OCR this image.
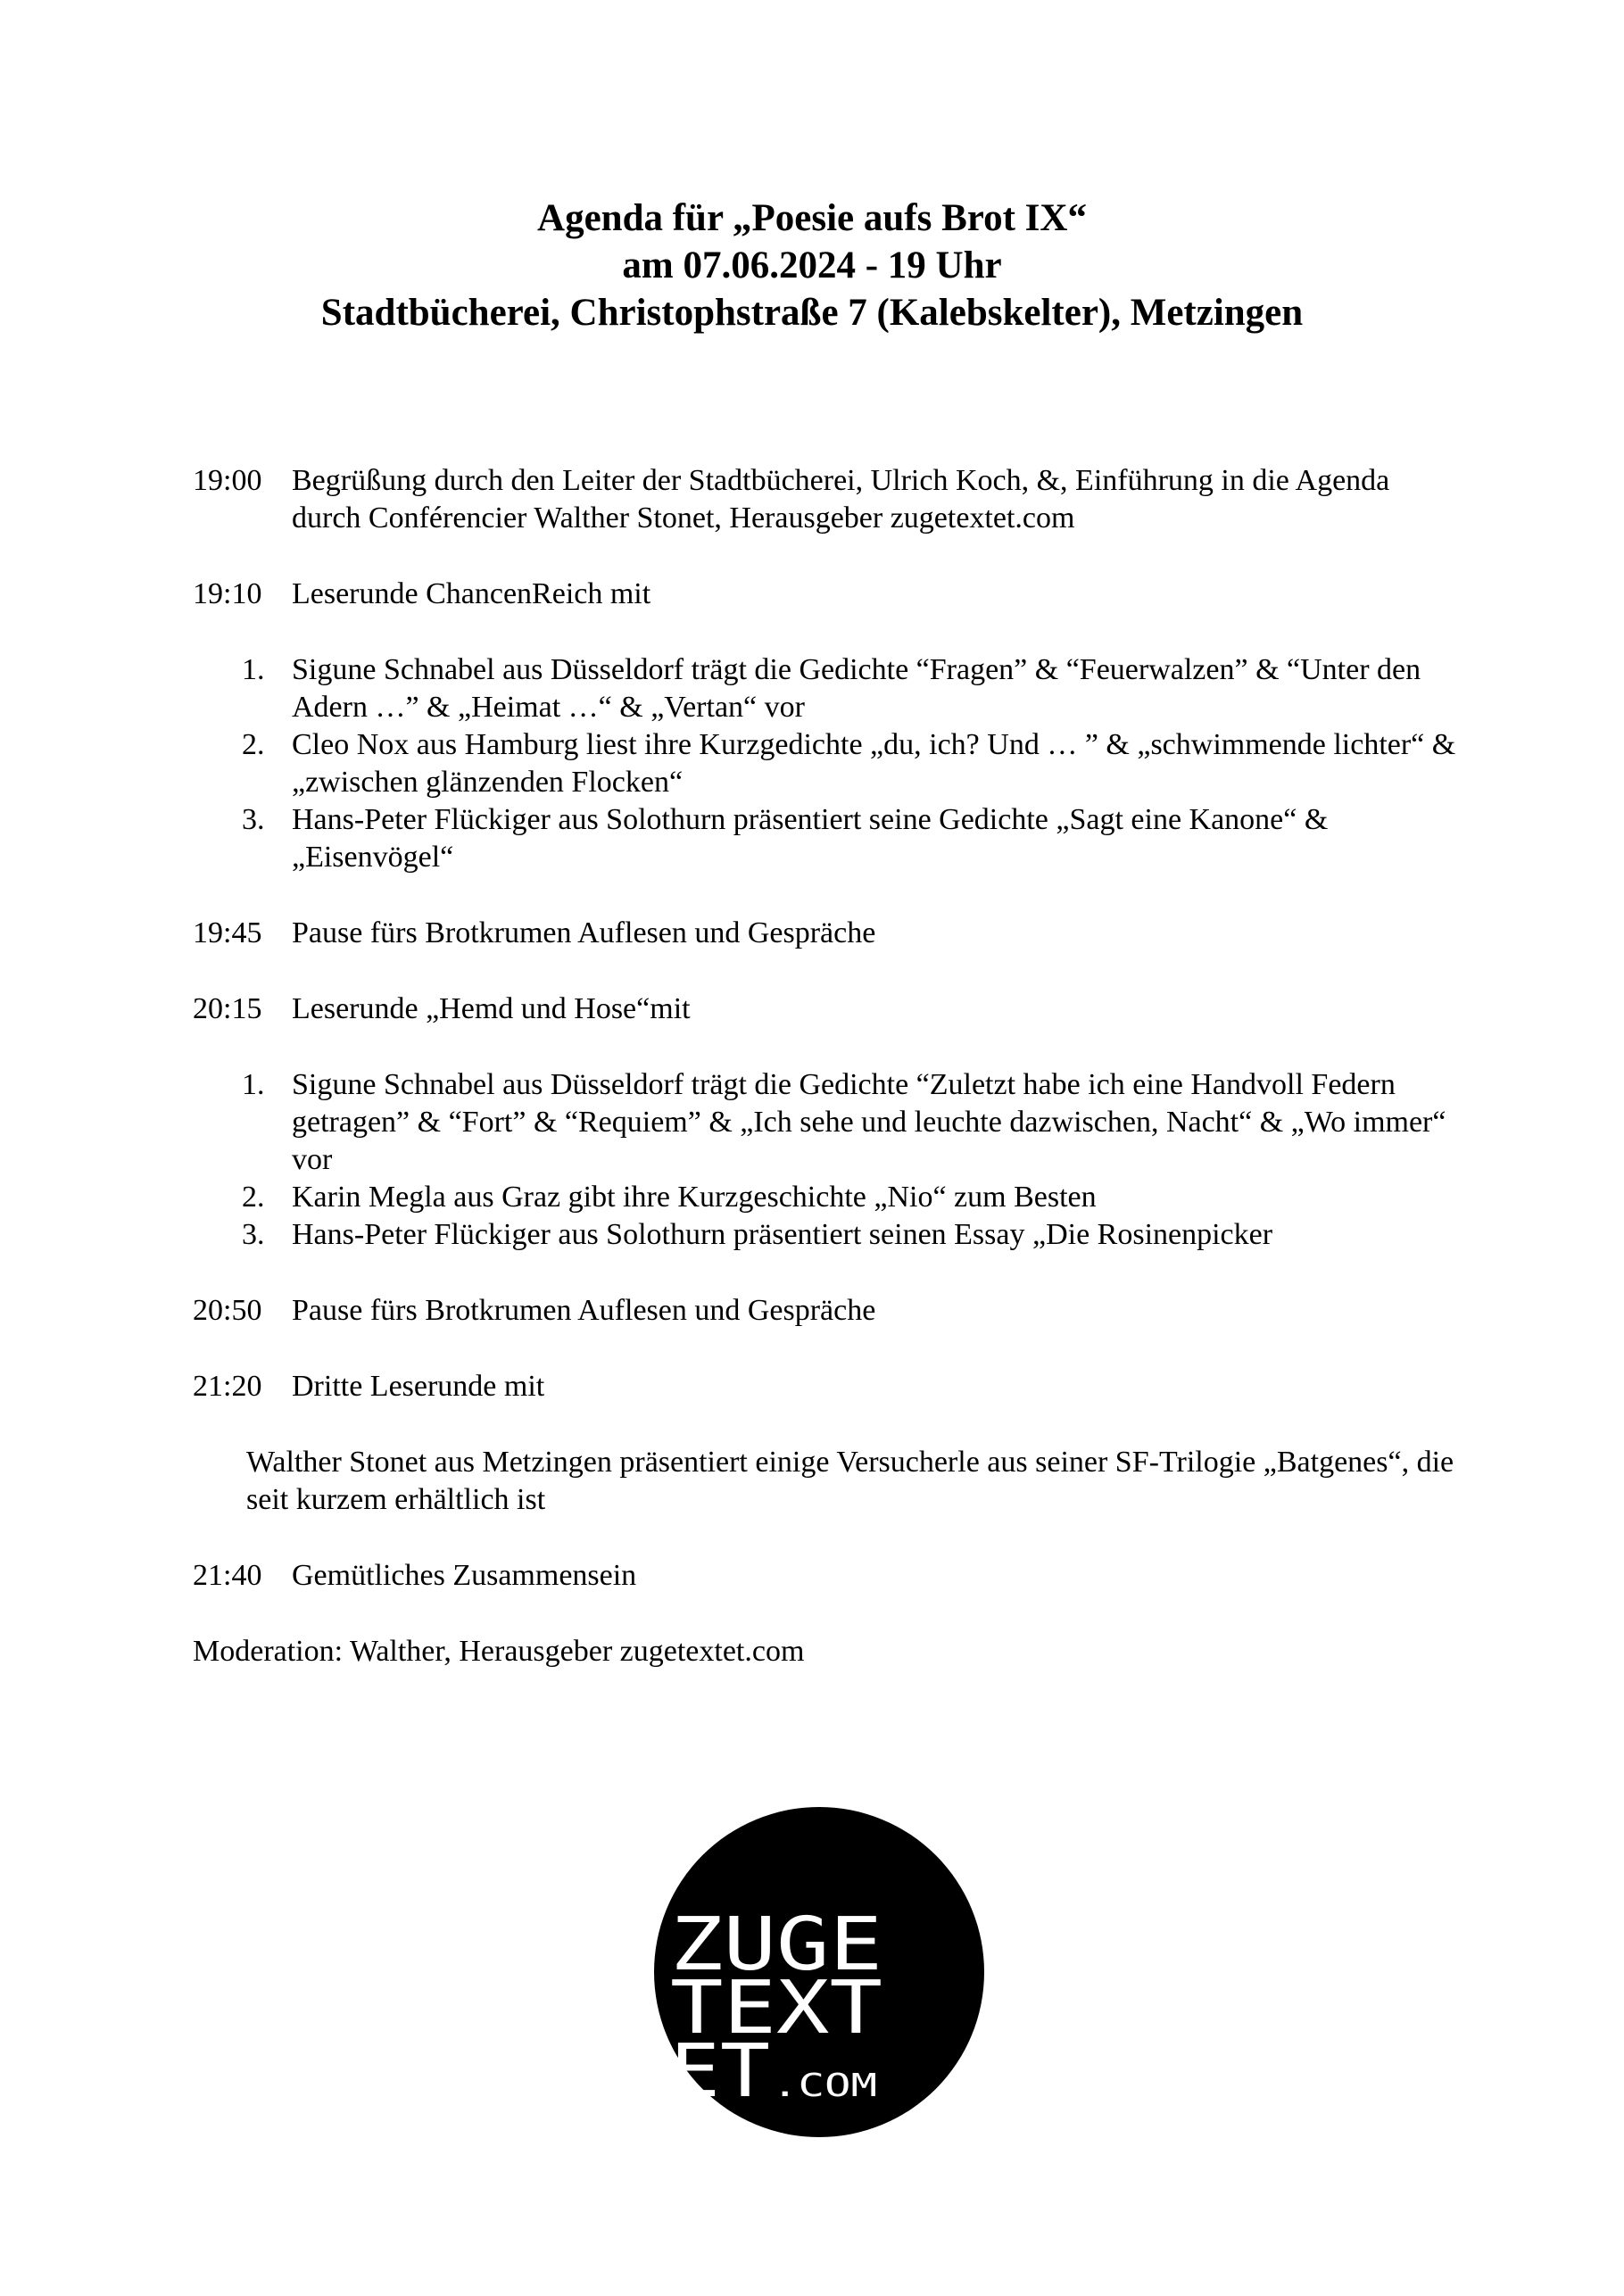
Agenda für „Poesie aufs Brot IX“
am 07.06.2024 - 19 Uhr
Stadtbücherei, Christophstraße 7 (Kalebskelter), Metzingen
19:00 Begrüßung durch den Leiter der Stadtbücherei, Ulrich Koch, &, Einführung in die Agenda durch Conférencier Walther Stonet, Herausgeber zugetextet.com
19:10 Leserunde ChancenReich mit
1. Sigune Schnabel aus Düsseldorf trägt die Gedichte “Fragen” & “Feuerwalzen” & “Unter den Adern …” & „Heimat …“ & „Vertan“ vor
2. Cleo Nox aus Hamburg liest ihre Kurzgedichte „du, ich? Und … ” & „schwimmende lichter“ & „zwischen glänzenden Flocken“
3. Hans-Peter Flückiger aus Solothurn präsentiert seine Gedichte „Sagt eine Kanone“ & „Eisenvögel“
19:45 Pause fürs Brotkrumen Auflesen und Gespräche
20:15 Leserunde „Hemd und Hose“mit
1. Sigune Schnabel aus Düsseldorf trägt die Gedichte “Zuletzt habe ich eine Handvoll Federn getragen” & “Fort” & “Requiem” & „Ich sehe und leuchte dazwischen, Nacht“ & „Wo immer“ vor
2. Karin Megla aus Graz gibt ihre Kurzgeschichte „Nio“ zum Besten
3. Hans-Peter Flückiger aus Solothurn präsentiert seinen Essay „Die Rosinenpicker
20:50 Pause fürs Brotkrumen Auflesen und Gespräche
21:20 Dritte Leserunde mit
Walther Stonet aus Metzingen präsentiert einige Versucherle aus seiner SF-Trilogie „Batgenes“, die seit kurzem erhältlich ist
21:40 Gemütliches Zusammensein
Moderation: Walther, Herausgeber zugetextet.com
ZUGE
TEXT
ET .COM
